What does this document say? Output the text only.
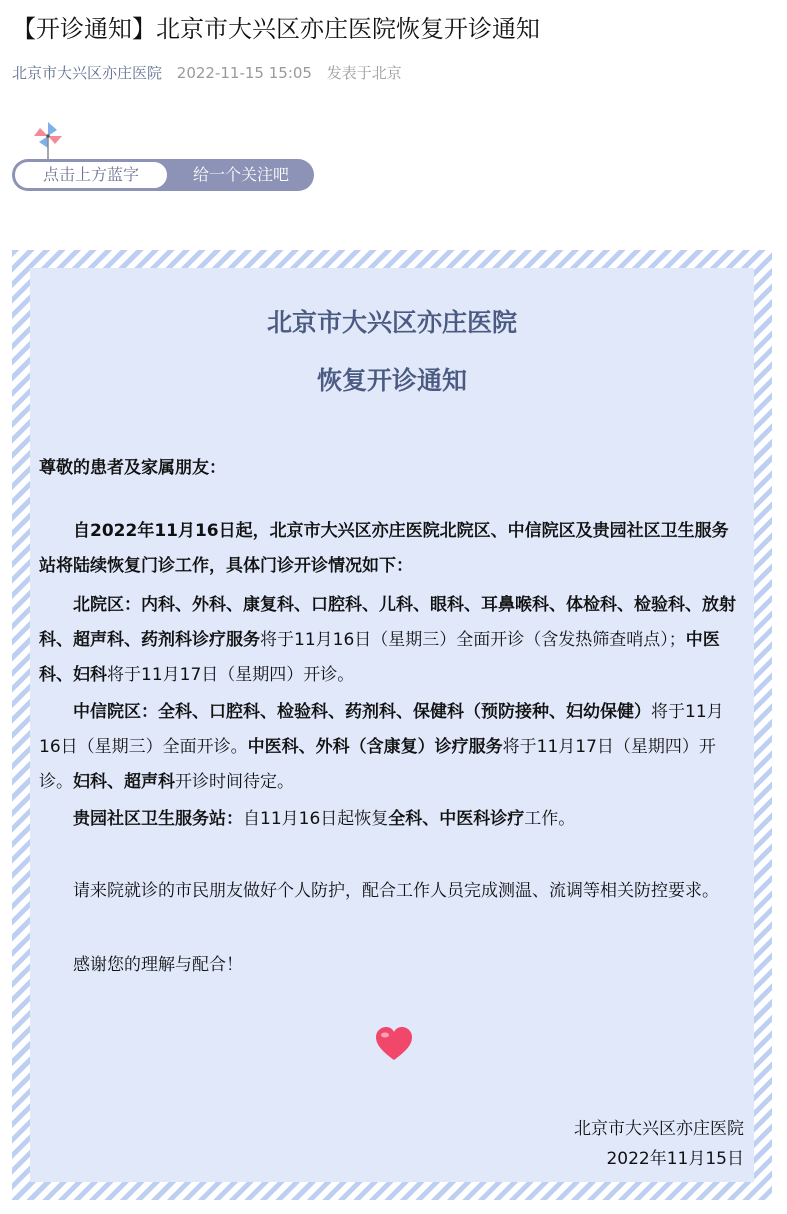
【开诊通知】北京市大兴区亦庄医院恢复开诊通知
北京市大兴区亦庄医院 2022-11-15 15:05 发表于北京
点击上方蓝字	给一个关注吧
北京市大兴区亦庄医院
恢复开诊通知
尊敬的患者及家属朋友：
自2022年11月16日起，北京市大兴区亦庄医院北院区、中信院区及贵园社区卫生服务站将陆续恢复门诊工作，具体门诊开诊情况如下：
北院区：内科、外科、康复科、口腔科、儿科、眼科、耳鼻喉科、体检科、检验科、放射科、超声科、药剂科诊疗服务将于11月16日（星期三）全面开诊（含发热筛查哨点）；中医科、妇科将于11月17日（星期四）开诊。
中信院区：全科、口腔科、检验科、药剂科、保健科（预防接种、妇幼保健）将于11月16日（星期三）全面开诊。中医科、外科（含康复）诊疗服务将于11月17日（星期四）开诊。妇科、超声科开诊时间待定。
贵园社区卫生服务站：自11月16日起恢复全科、中医科诊疗工作。
请来院就诊的市民朋友做好个人防护，配合工作人员完成测温、流调等相关防控要求。
感谢您的理解与配合！
北京市大兴区亦庄医院
2022年11月15日
